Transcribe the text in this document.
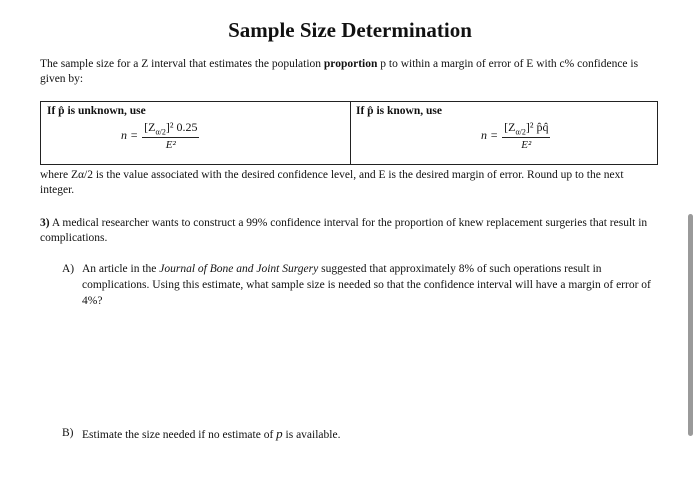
Sample Size Determination
The sample size for a Z interval that estimates the population proportion p to within a margin of error of E with c% confidence is given by:
If p̂ is unknown, use
$n = \frac{[Z_{\alpha/2}]^2 0.25}{\text{E²}}$
If p̂ is known, use
$n = \frac{[Z_{\alpha/2}]^2 p̂q̂}{\text{E²}}$
where Zα/2 is the value associated with the desired confidence level, and E is the desired margin of error. Round up to the next integer.
3) A medical researcher wants to construct a 99% confidence interval for the proportion of knew replacement surgeries that result in complications.
A) An article in the Journal of Bone and Joint Surgery suggested that approximately 8% of such operations result in complications. Using this estimate, what sample size is needed so that the confidence interval will have a margin of error of 4%?
B) Estimate the size needed if no estimate of p is available.
